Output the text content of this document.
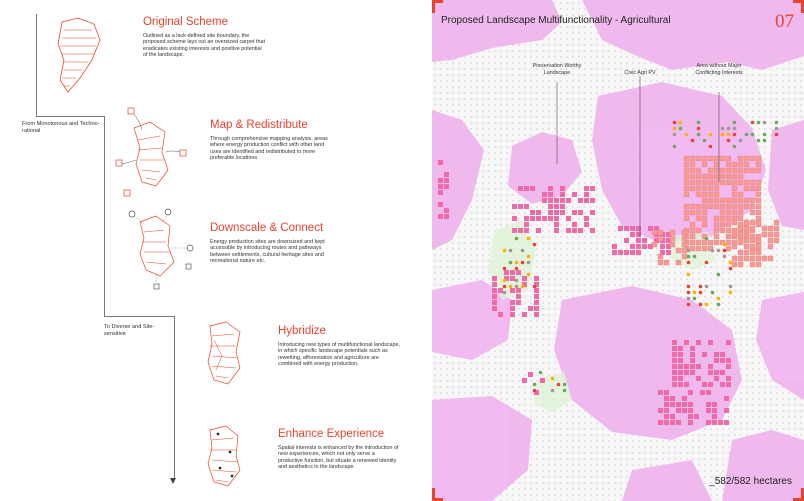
From Monotonous and Techno-rational
To Diverse and Site-sensitive
Original Scheme
Outlined as a lack-defined site boundary, the proposed scheme lays out an oversized carpet that eradicates existing interests and positive potential of the landscape.
Map & Redistribute
Through comprehensive mapping analysis, areas where energy production conflict with other land uses are identified and redistributed to more preferable locations.
Downscale & Connect
Energy production sites are downsized and kept accessible by introducing routes and pathways between settlements, cultural heritage sites and recreational nature etc.
Hybridize
Introducing new types of multifunctional landscape, in which specific landscape potentials such as rewetting, afforestation and agriculture are combined with energy production.
Enhance Experience
Spatial interests is enhanced by the introduction of new experiences, which not only serve a productive function, but situate a renewed identity and aesthetics in the landscape.
Proposed Landscape Multifunctionality - Agricultural	07
Preservation Worthy Landscape	Civic Agri PV
Area without Major Conflicting Interests
_582/582 hectares
